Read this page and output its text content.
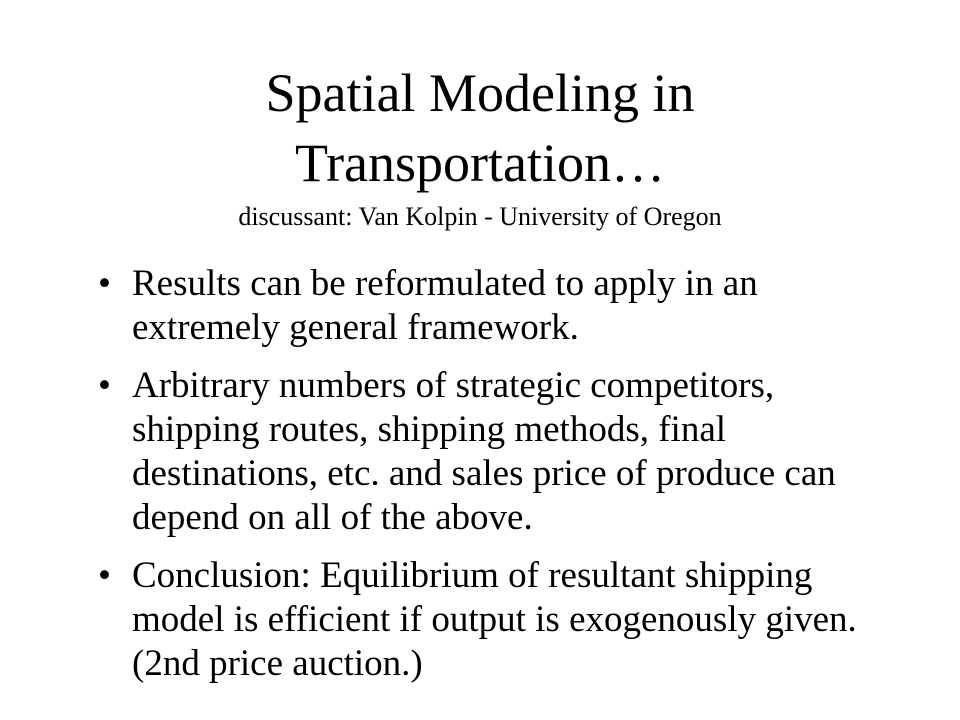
Spatial Modeling in
Transportation…
discussant: Van Kolpin - University of Oregon
• Results can be reformulated to apply in an extremely general framework.
• Arbitrary numbers of strategic competitors, shipping routes, shipping methods, final destinations, etc. and sales price of produce can depend on all of the above.
• Conclusion: Equilibrium of resultant shipping model is efficient if output is exogenously given. (2nd price auction.)
